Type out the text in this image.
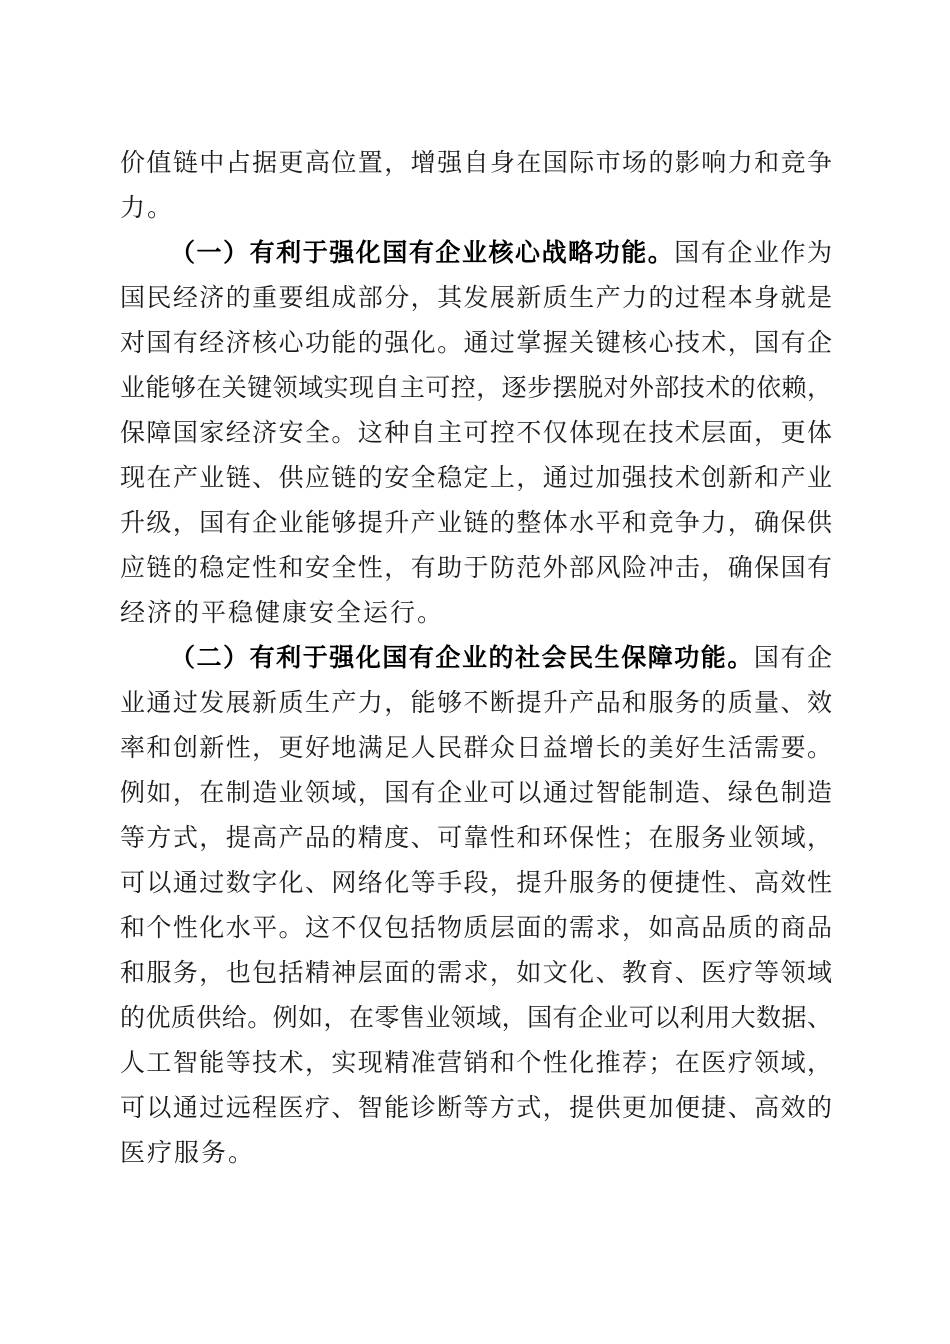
价值链中占据更高位置，增强自身在国际市场的影响力和竞争
力。
（一）有利于强化国有企业核心战略功能。国有企业作为
国民经济的重要组成部分，其发展新质生产力的过程本身就是
对国有经济核心功能的强化。通过掌握关键核心技术，国有企
业能够在关键领域实现自主可控，逐步摆脱对外部技术的依赖，
保障国家经济安全。这种自主可控不仅体现在技术层面，更体
现在产业链、供应链的安全稳定上，通过加强技术创新和产业
升级，国有企业能够提升产业链的整体水平和竞争力，确保供
应链的稳定性和安全性，有助于防范外部风险冲击，确保国有
经济的平稳健康安全运行。
（二）有利于强化国有企业的社会民生保障功能。国有企
业通过发展新质生产力，能够不断提升产品和服务的质量、效
率和创新性，更好地满足人民群众日益增长的美好生活需要。
例如，在制造业领域，国有企业可以通过智能制造、绿色制造
等方式，提高产品的精度、可靠性和环保性；在服务业领域，
可以通过数字化、网络化等手段，提升服务的便捷性、高效性
和个性化水平。这不仅包括物质层面的需求，如高品质的商品
和服务，也包括精神层面的需求，如文化、教育、医疗等领域
的优质供给。例如，在零售业领域，国有企业可以利用大数据、
人工智能等技术，实现精准营销和个性化推荐；在医疗领域，
可以通过远程医疗、智能诊断等方式，提供更加便捷、高效的
医疗服务。
